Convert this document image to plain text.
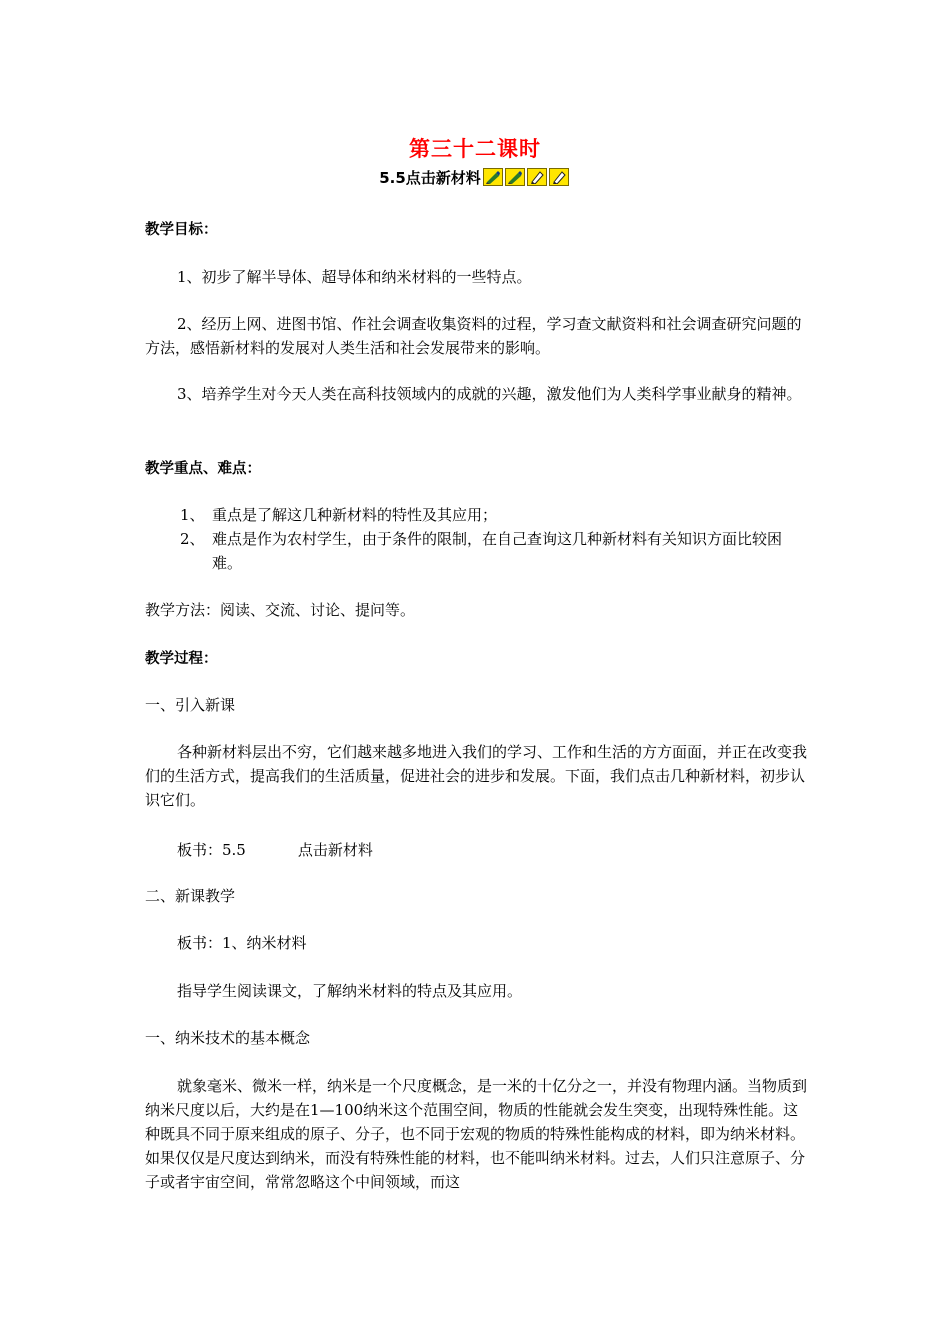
第三十二课时
5.5点击新材料
教学目标：
1、初步了解半导体、超导体和纳米材料的一些特点。
2、经历上网、进图书馆、作社会调查收集资料的过程，学习查文献资料和社会调查研究问题的方法，感悟新材料的发展对人类生活和社会发展带来的影响。
3、培养学生对今天人类在高科技领域内的成就的兴趣，激发他们为人类科学事业献身的精神。
教学重点、难点：
1、 重点是了解这几种新材料的特性及其应用；
2、 难点是作为农村学生，由于条件的限制，在自己查询这几种新材料有关知识方面比较困难。
教学方法：阅读、交流、讨论、提问等。
教学过程：
一、引入新课
各种新材料层出不穷，它们越来越多地进入我们的学习、工作和生活的方方面面，并正在改变我们的生活方式，提高我们的生活质量，促进社会的进步和发展。下面，我们点击几种新材料，初步认识它们。
板书：5.5	点击新材料
二、新课教学
板书：1、纳米材料
指导学生阅读课文，了解纳米材料的特点及其应用。
一、纳米技术的基本概念
就象毫米、微米一样，纳米是一个尺度概念，是一米的十亿分之一，并没有物理内涵。当物质到纳米尺度以后，大约是在1—100纳米这个范围空间，物质的性能就会发生突变，出现特殊性能。这种既具不同于原来组成的原子、分子，也不同于宏观的物质的特殊性能构成的材料，即为纳米材料。如果仅仅是尺度达到纳米，而没有特殊性能的材料，也不能叫纳米材料。过去，人们只注意原子、分子或者宇宙空间，常常忽略这个中间领域，而这
